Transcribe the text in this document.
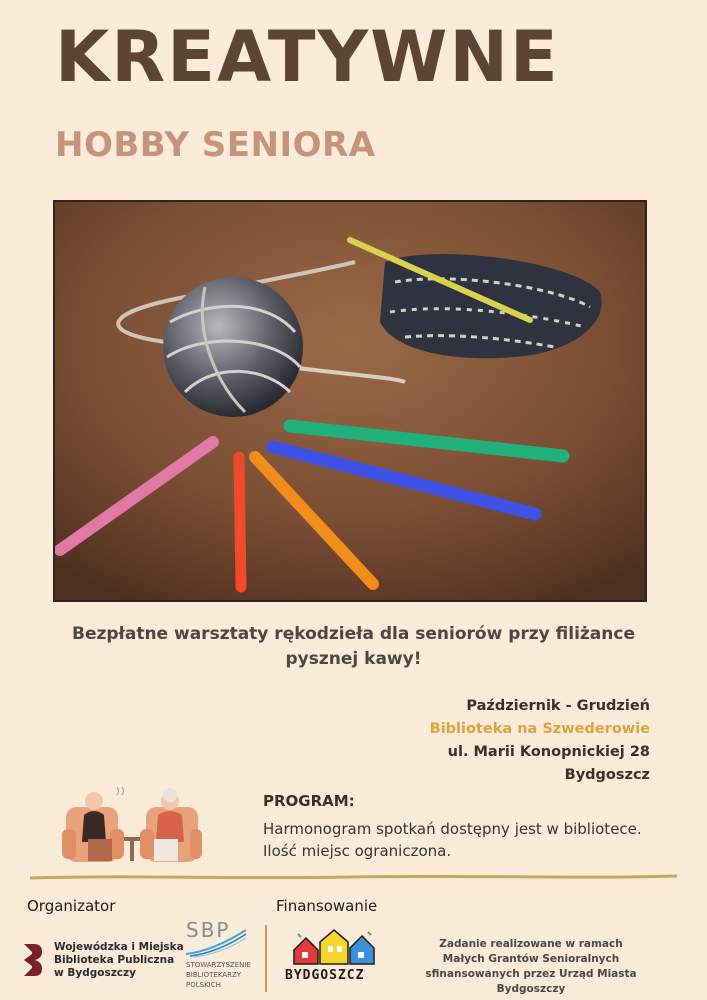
KREATYWNE
HOBBY SENIORA
Bezpłatne warsztaty rękodzieła dla seniorów przy filiżance
pysznej kawy!
Październik - Grudzień
Biblioteka na Szwederowie
ul. Marii Konopnickiej 28
Bydgoszcz
PROGRAM:
Harmonogram spotkań dostępny jest w bibliotece.
Ilość miejsc ograniczona.
Organizator	Finansowanie
Wojewódzka i Miejska
Biblioteka Publiczna
w Bydgoszczy
SBP
STOWARZYSZENIE
BIBLIOTEKARZY
POLSKICH
BYDGOSZCZ
Zadanie realizowane w ramach
Małych Grantów Senioralnych
sfinansowanych przez Urząd Miasta Bydgoszczy
